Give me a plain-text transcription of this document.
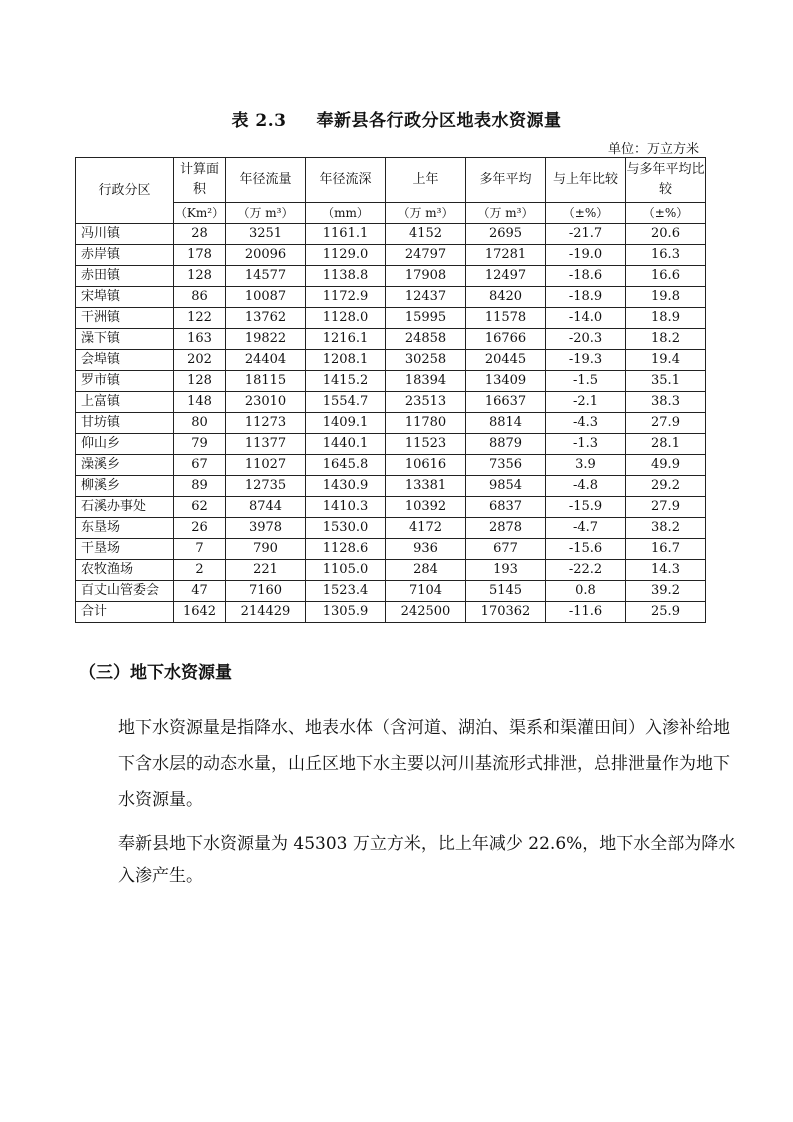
表 2.3 奉新县各行政分区地表水资源量
单位：万立方米
行政分区	计算面积	年径流量	年径流深	上年	多年平均	与上年比较	与多年平均比较
	（Km²）	（万 m³）	（mm）	（万 m³）	（万 m³）	（±%）	（±%）
冯川镇	28	3251	1161.1	4152	2695	-21.7	20.6
赤岸镇	178	20096	1129.0	24797	17281	-19.0	16.3
赤田镇	128	14577	1138.8	17908	12497	-18.6	16.6
宋埠镇	86	10087	1172.9	12437	8420	-18.9	19.8
干洲镇	122	13762	1128.0	15995	11578	-14.0	18.9
澡下镇	163	19822	1216.1	24858	16766	-20.3	18.2
会埠镇	202	24404	1208.1	30258	20445	-19.3	19.4
罗市镇	128	18115	1415.2	18394	13409	-1.5	35.1
上富镇	148	23010	1554.7	23513	16637	-2.1	38.3
甘坊镇	80	11273	1409.1	11780	8814	-4.3	27.9
仰山乡	79	11377	1440.1	11523	8879	-1.3	28.1
澡溪乡	67	11027	1645.8	10616	7356	3.9	49.9
柳溪乡	89	12735	1430.9	13381	9854	-4.8	29.2
石溪办事处	62	8744	1410.3	10392	6837	-15.9	27.9
东垦场	26	3978	1530.0	4172	2878	-4.7	38.2
干垦场	7	790	1128.6	936	677	-15.6	16.7
农牧渔场	2	221	1105.0	284	193	-22.2	14.3
百丈山管委会	47	7160	1523.4	7104	5145	0.8	39.2
合计	1642	214429	1305.9	242500	170362	-11.6	25.9
（三）地下水资源量
地下水资源量是指降水、地表水体（含河道、湖泊、渠系和渠灌田间）入渗补给地下含水层的动态水量，山丘区地下水主要以河川基流形式排泄，总排泄量作为地下水资源量。
奉新县地下水资源量为 45303 万立方米，比上年减少 22.6%，地下水全部为降水入渗产生。
